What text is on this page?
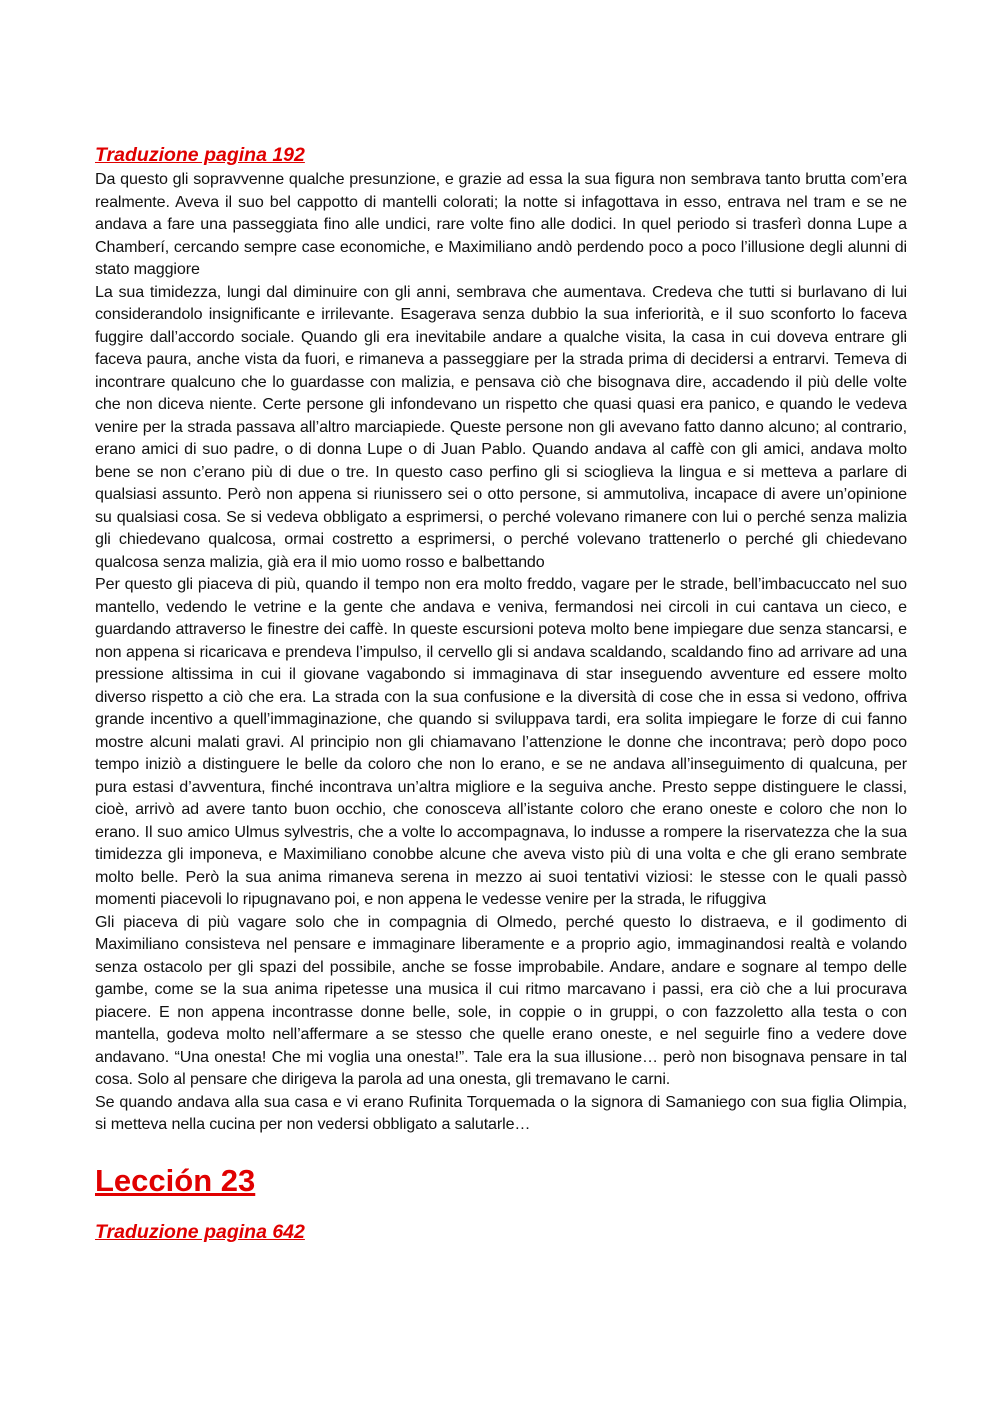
Traduzione pagina 192

Da questo gli sopravvenne qualche presunzione, e grazie ad essa la sua figura non sembrava tanto brutta com’era realmente. Aveva il suo bel cappotto di mantelli colorati; la notte si infagottava in esso, entrava nel tram e se ne andava a fare una passeggiata fino alle undici, rare volte fino alle dodici. In quel periodo si trasferì donna Lupe a Chamberí, cercando sempre case economiche, e Maximiliano andò perdendo poco a poco l’illusione degli alunni di stato maggiore

La sua timidezza, lungi dal diminuire con gli anni, sembrava che aumentava. Credeva che tutti si burlavano di lui considerandolo insignificante e irrilevante. Esagerava senza dubbio la sua inferiorità, e il suo sconforto lo faceva fuggire dall’accordo sociale. Quando gli era inevitabile andare a qualche visita, la casa in cui doveva entrare gli faceva paura, anche vista da fuori, e rimaneva a passeggiare per la strada prima di decidersi a entrarvi. Temeva di incontrare qualcuno che lo guardasse con malizia, e pensava ciò che bisognava dire, accadendo il più delle volte che non diceva niente. Certe persone gli infondevano un rispetto che quasi quasi era panico, e quando le vedeva venire per la strada passava all’altro marciapiede. Queste persone non gli avevano fatto danno alcuno; al contrario, erano amici di suo padre, o di donna Lupe o di Juan Pablo. Quando andava al caffè con gli amici, andava molto bene se non c’erano più di due o tre. In questo caso perfino gli si scioglieva la lingua e si metteva a parlare di qualsiasi assunto. Però non appena si riunissero sei o otto persone, si ammutoliva, incapace di avere un’opinione su qualsiasi cosa. Se si vedeva obbligato a esprimersi, o perché volevano rimanere con lui o perché senza malizia gli chiedevano qualcosa, ormai costretto a esprimersi, o perché volevano trattenerlo o perché gli chiedevano qualcosa senza malizia, già era il mio uomo rosso e balbettando

Per questo gli piaceva di più, quando il tempo non era molto freddo, vagare per le strade, bell’imbacuccato nel suo mantello, vedendo le vetrine e la gente che andava e veniva, fermandosi nei circoli in cui cantava un cieco, e guardando attraverso le finestre dei caffè. In queste escursioni poteva molto bene impiegare due senza stancarsi, e non appena si ricaricava e prendeva l’impulso, il cervello gli si andava scaldando, scaldando fino ad arrivare ad una pressione altissima in cui il giovane vagabondo si immaginava di star inseguendo avventure ed essere molto diverso rispetto a ciò che era. La strada con la sua confusione e la diversità di cose che in essa si vedono, offriva grande incentivo a quell’immaginazione, che quando si sviluppava tardi, era solita impiegare le forze di cui fanno mostre alcuni malati gravi. Al principio non gli chiamavano l’attenzione le donne che incontrava; però dopo poco tempo iniziò a distinguere le belle da coloro che non lo erano, e se ne andava all’inseguimento di qualcuna, per pura estasi d’avventura, finché incontrava un’altra migliore e la seguiva anche. Presto seppe distinguere le classi, cioè, arrivò ad avere tanto buon occhio, che conosceva all’istante coloro che erano oneste e coloro che non lo erano. Il suo amico Ulmus sylvestris, che a volte lo accompagnava, lo indusse a rompere la riservatezza che la sua timidezza gli imponeva, e Maximiliano conobbe alcune che aveva visto più di una volta e che gli erano sembrate molto belle. Però la sua anima rimaneva serena in mezzo ai suoi tentativi viziosi: le stesse con le quali passò momenti piacevoli lo ripugnavano poi, e non appena le vedesse venire per la strada, le rifuggiva

Gli piaceva di più vagare solo che in compagnia di Olmedo, perché questo lo distraeva, e il godimento di Maximiliano consisteva nel pensare e immaginare liberamente e a proprio agio, immaginandosi realtà e volando senza ostacolo per gli spazi del possibile, anche se fosse improbabile. Andare, andare e sognare al tempo delle gambe, come se la sua anima ripetesse una musica il cui ritmo marcavano i passi, era ciò che a lui procurava piacere. E non appena incontrasse donne belle, sole, in coppie o in gruppi, o con fazzoletto alla testa o con mantella, godeva molto nell’affermare a se stesso che quelle erano oneste, e nel seguirle fino a vedere dove andavano. “Una onesta! Che mi voglia una onesta!”. Tale era la sua illusione… però non bisognava pensare in tal cosa. Solo al pensare che dirigeva la parola ad una onesta, gli tremavano le carni.

Se quando andava alla sua casa e vi erano Rufinita Torquemada o la signora di Samaniego con sua figlia Olimpia, si metteva nella cucina per non vedersi obbligato a salutarle…

Lección 23
Traduzione pagina 642
